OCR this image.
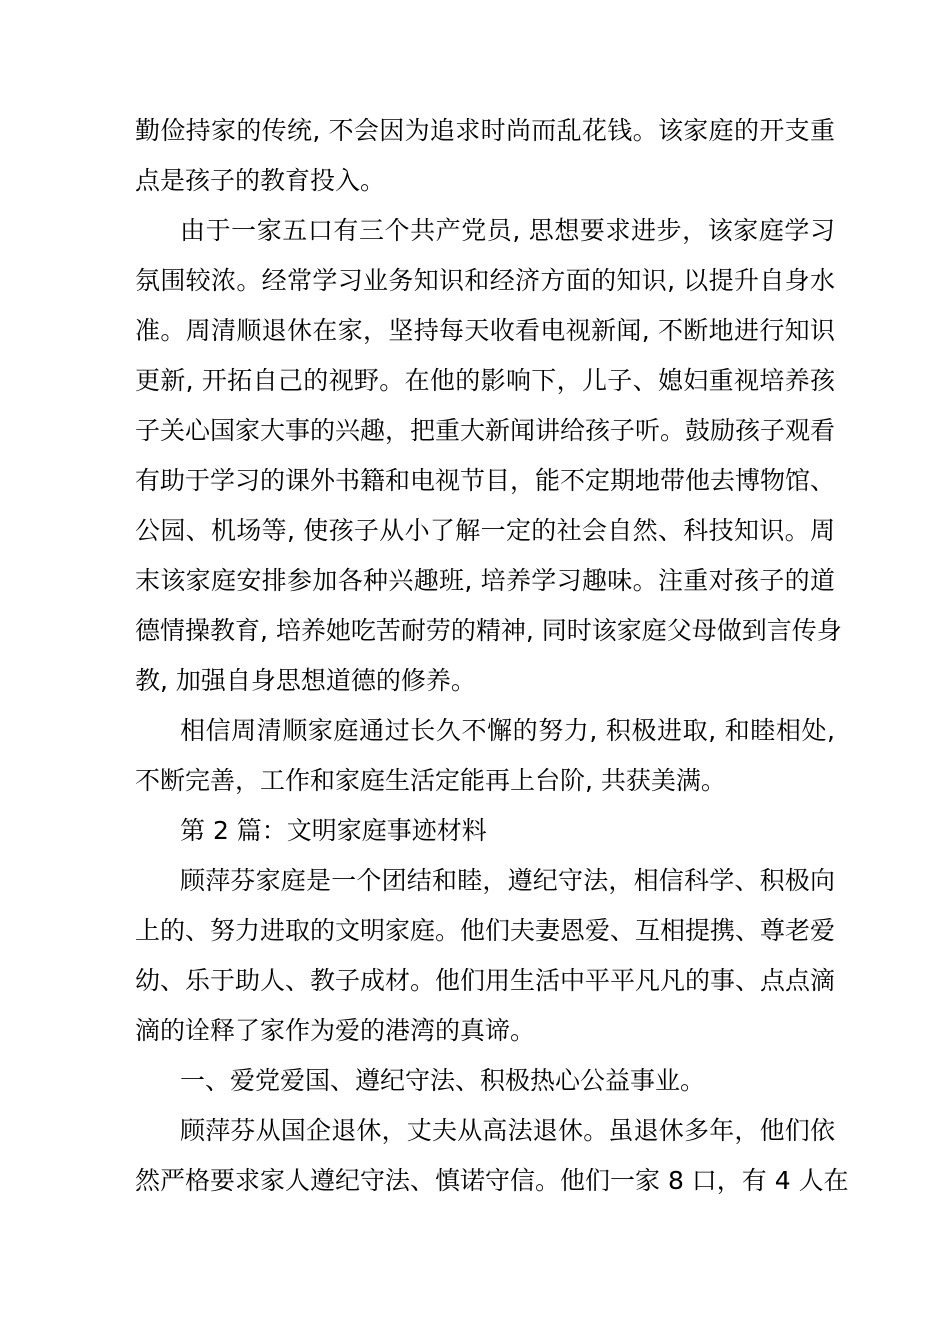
勤俭持家的传统, 不会因为追求时尚而乱花钱。该家庭的开支重
点是孩子的教育投入。
由于一家五口有三个共产党员, 思想要求进步，该家庭学习
氛围较浓。经常学习业务知识和经济方面的知识, 以提升自身水
准。周清顺退休在家，坚持每天收看电视新闻, 不断地进行知识
更新, 开拓自己的视野。在他的影响下，儿子、媳妇重视培养孩
子关心国家大事的兴趣，把重大新闻讲给孩子听。鼓励孩子观看
有助于学习的课外书籍和电视节目，能不定期地带他去博物馆、
公园、机场等, 使孩子从小了解一定的社会自然、科技知识。周
末该家庭安排参加各种兴趣班, 培养学习趣味。注重对孩子的道
德情操教育, 培养她吃苦耐劳的精神, 同时该家庭父母做到言传身
教, 加强自身思想道德的修养。
相信周清顺家庭通过长久不懈的努力, 积极进取, 和睦相处,
不断完善，工作和家庭生活定能再上台阶, 共获美满。
第 2 篇：文明家庭事迹材料
顾萍芬家庭是一个团结和睦，遵纪守法，相信科学、积极向
上的、努力进取的文明家庭。他们夫妻恩爱、互相提携、尊老爱
幼、乐于助人、教子成材。他们用生活中平平凡凡的事、点点滴
滴的诠释了家作为爱的港湾的真谛。
一、爱党爱国、遵纪守法、积极热心公益事业。
顾萍芬从国企退休，丈夫从高法退休。虽退休多年，他们依
然严格要求家人遵纪守法、慎诺守信。他们一家 8 口，有 4 人在
